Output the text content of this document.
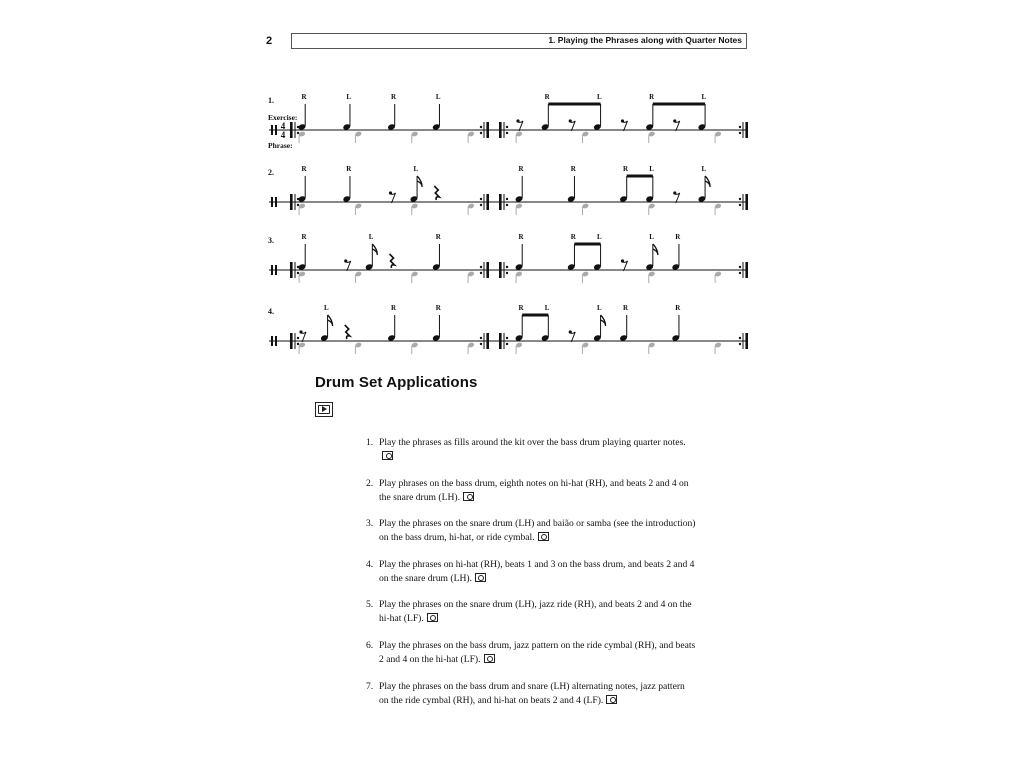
2	1. Playing the Phrases along with Quarter Notes
1.
Exercise:
Phrase:
4
4
R	L	R	L	R	L	R	L
2.	R	R	L	R	R	R	L	L
3.	R	L	R	R	R	L	L	R
4.	L	R	R	R	L	L	R	R
Drum Set Applications
1. Play the phrases as fills around the kit over the bass drum playing quarter notes.
2. Play phrases on the bass drum, eighth notes on hi-hat (RH), and beats 2 and 4 on the snare drum (LH).
3. Play the phrases on the snare drum (LH) and baião or samba (see the introduction) on the bass drum, hi-hat, or ride cymbal.
4. Play the phrases on hi-hat (RH), beats 1 and 3 on the bass drum, and beats 2 and 4 on the snare drum (LH).
5. Play the phrases on the snare drum (LH), jazz ride (RH), and beats 2 and 4 on the hi-hat (LF).
6. Play the phrases on the bass drum, jazz pattern on the ride cymbal (RH), and beats 2 and 4 on the hi-hat (LF).
7. Play the phrases on the bass drum and snare (LH) alternating notes, jazz pattern on the ride cymbal (RH), and hi-hat on beats 2 and 4 (LF).
